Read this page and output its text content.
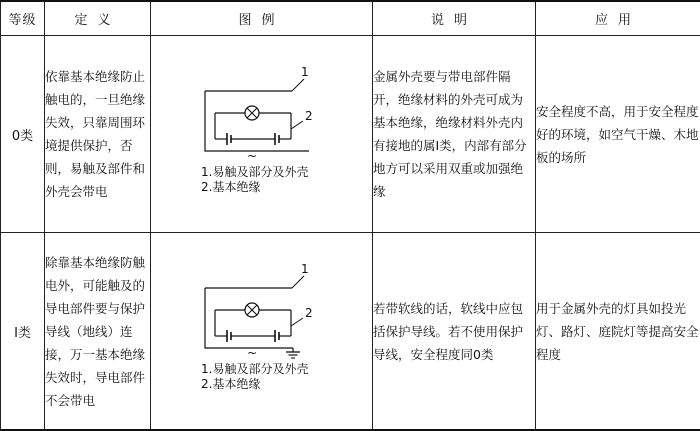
等级	定义	图例	说明	应用
0类	依靠基本绝缘防止触电的，一旦绝缘失效，只靠周围环境提供保护，否则，易触及部件和外壳会带电	1
2
~
1.易触及部分及外壳
2.基本绝缘	金属外壳要与带电部件隔开，绝缘材料的外壳可成为基本绝缘，绝缘材料外壳内有接地的属Ⅰ类，内部有部分地方可以采用双重或加强绝缘	安全程度不高，用于安全程度好的环境，如空气干燥、木地板的场所
Ⅰ类	除靠基本绝缘防触电外，可能触及的导电部件要与保护导线（地线）连接，万一基本绝缘失效时，导电部件不会带电	1
2
~
1.易触及部分及外壳
2.基本绝缘	若带软线的话，软线中应包括保护导线。若不使用保护导线，安全程度同0类	用于金属外壳的灯具如投光灯、路灯、庭院灯等提高安全程度
